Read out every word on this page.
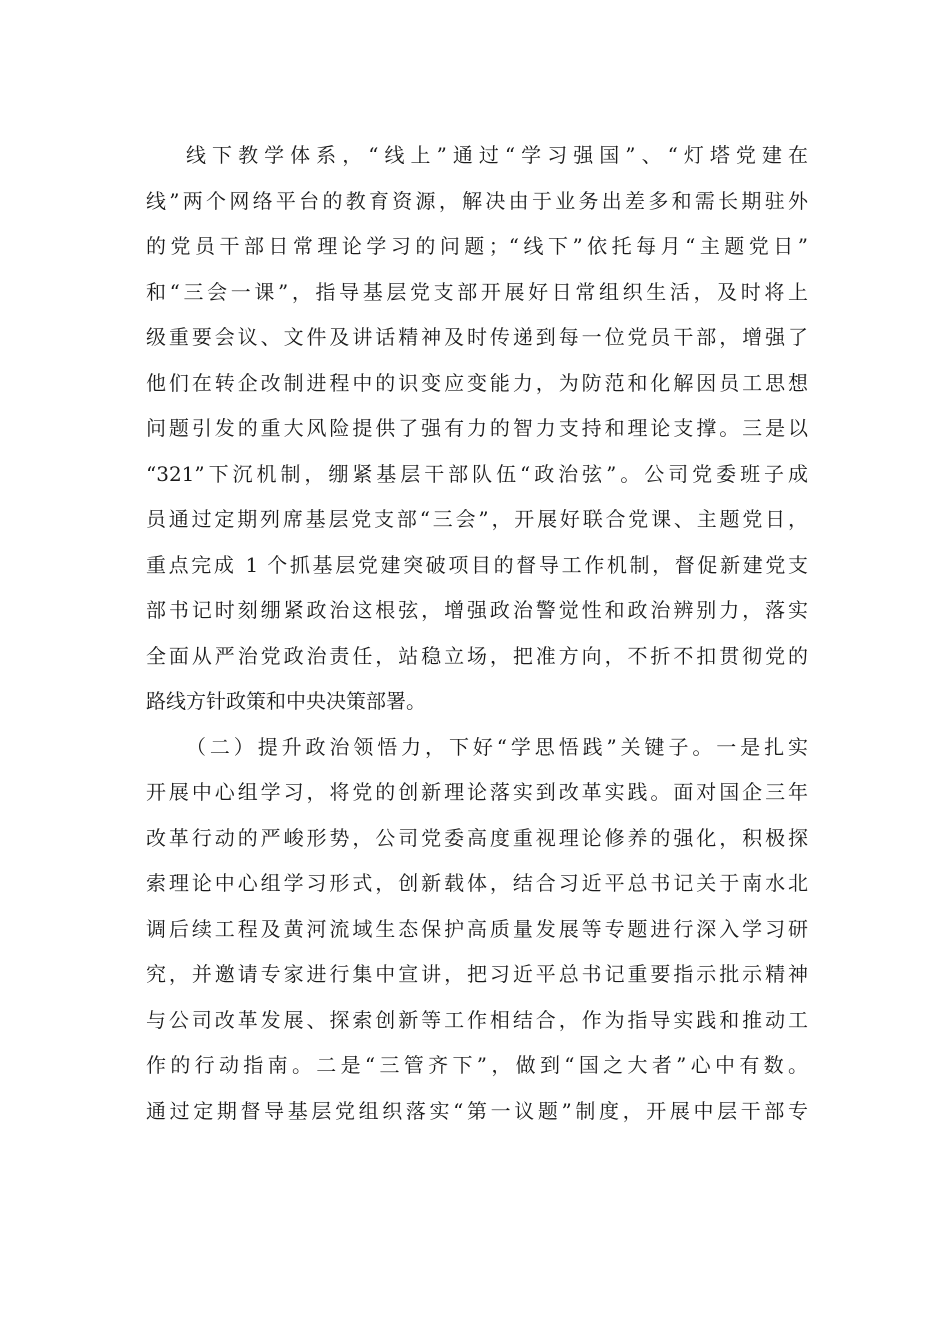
线下教学体系，“线上”通过“学习强国”、“灯塔党建在
线”两个网络平台的教育资源，解决由于业务出差多和需长期驻外
的党员干部日常理论学习的问题；“线下”依托每月“主题党日”
和“三会一课”，指导基层党支部开展好日常组织生活，及时将上
级重要会议、文件及讲话精神及时传递到每一位党员干部，增强了
他们在转企改制进程中的识变应变能力，为防范和化解因员工思想
问题引发的重大风险提供了强有力的智力支持和理论支撑。三是以
“321”下沉机制，绷紧基层干部队伍“政治弦”。公司党委班子成
员通过定期列席基层党支部“三会”，开展好联合党课、主题党日，
重点完成 1 个抓基层党建突破项目的督导工作机制，督促新建党支
部书记时刻绷紧政治这根弦，增强政治警觉性和政治辨别力，落实
全面从严治党政治责任，站稳立场，把准方向，不折不扣贯彻党的
路线方针政策和中央决策部署。
（二）提升政治领悟力，下好“学思悟践”关键子。一是扎实
开展中心组学习，将党的创新理论落实到改革实践。面对国企三年
改革行动的严峻形势，公司党委高度重视理论修养的强化，积极探
索理论中心组学习形式，创新载体，结合习近平总书记关于南水北
调后续工程及黄河流域生态保护高质量发展等专题进行深入学习研
究，并邀请专家进行集中宣讲，把习近平总书记重要指示批示精神
与公司改革发展、探索创新等工作相结合，作为指导实践和推动工
作的行动指南。二是“三管齐下”，做到“国之大者”心中有数。
通过定期督导基层党组织落实“第一议题”制度，开展中层干部专
